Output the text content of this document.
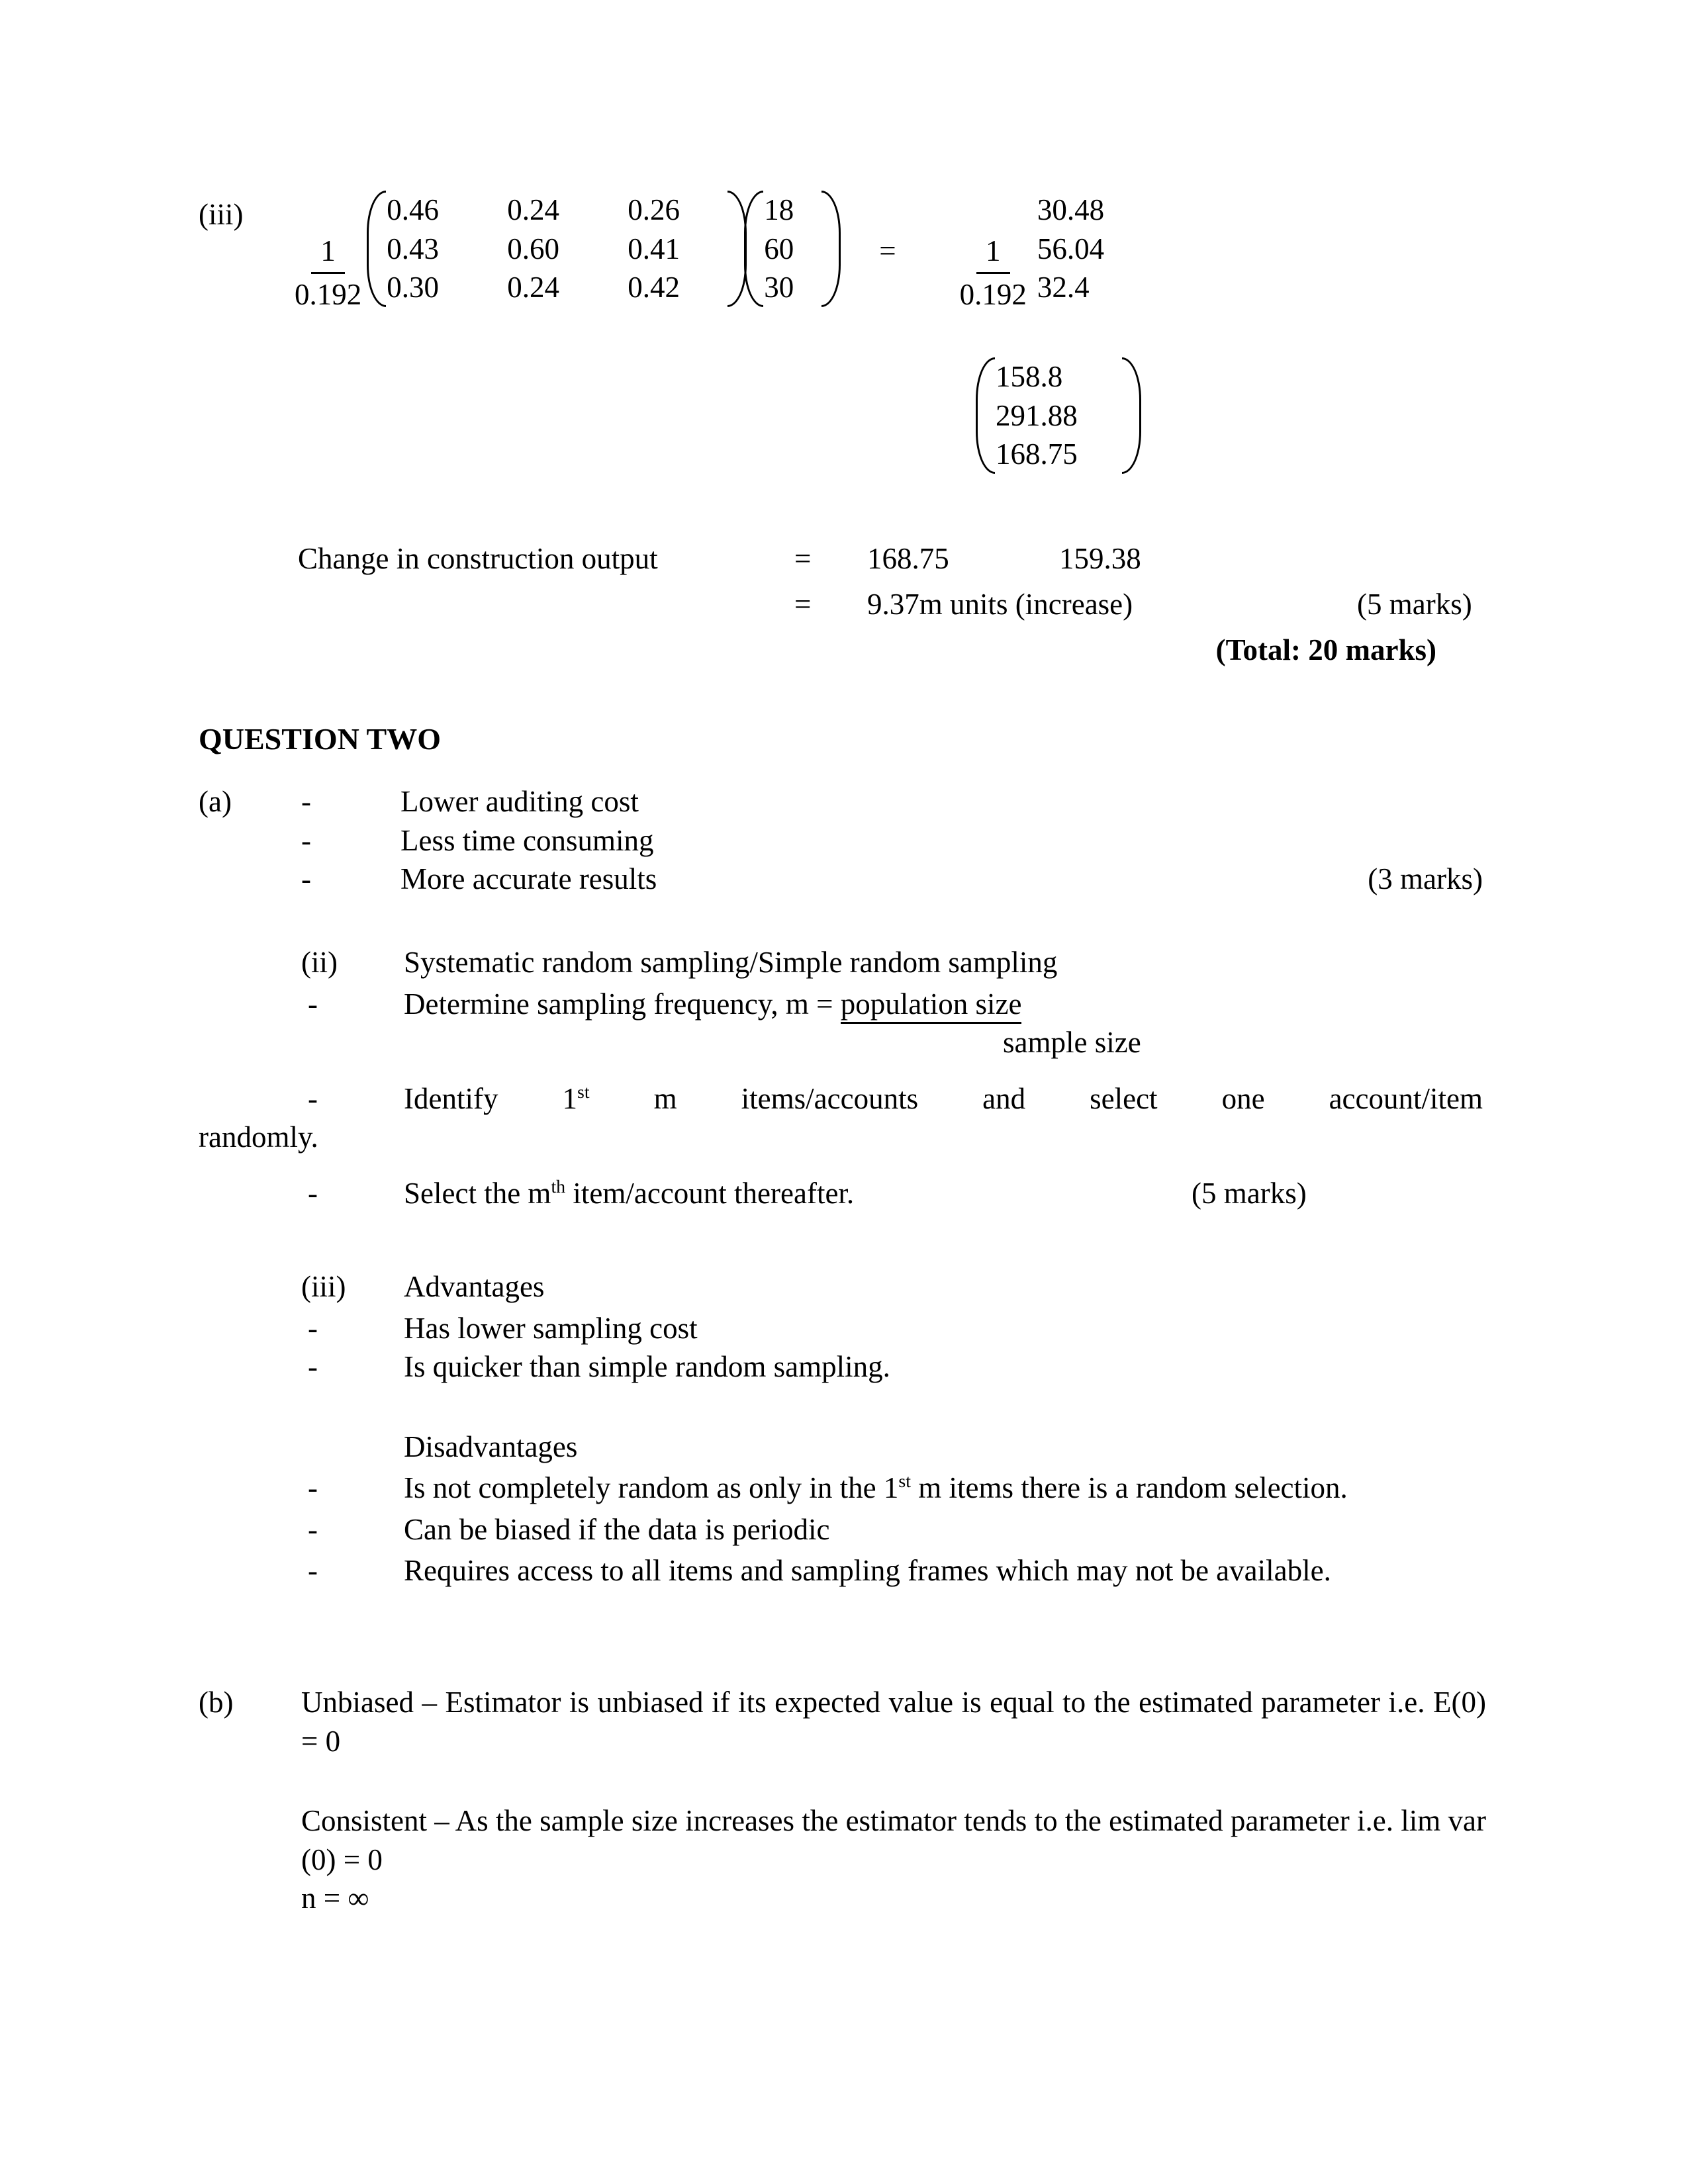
(iii)
$\frac{1}{0.192}$
0.46	0.24	0.26
0.43	0.60	0.41
0.30	0.24	0.42
18
60
30
= $\frac{1}{0.192}$
30.48
56.04
32.4
158.8
291.88
168.75
Change in construction output	=	168.75	159.38
=	9.37m units (increase)	(5 marks)
(Total: 20 marks)
QUESTION TWO
(a)	-	Lower auditing cost
-	Less time consuming
-	More accurate results	(3 marks)
(ii)	Systematic random sampling/Simple random sampling
-	Determine sampling frequency, m = population size
sample size
-	Identify 1st m items/accounts and select one account/item
randomly.
-	Select the $m^{th}$ item/account thereafter.	(5 marks)
(iii)	Advantages
-	Has lower sampling cost
-	Is quicker than simple random sampling.
Disadvantages
-	Is not completely random as only in the 1st m items there is a random selection.
-	Can be biased if the data is periodic
-	Requires access to all items and sampling frames which may not be available.
(b)	Unbiased – Estimator is unbiased if its expected value is equal to the estimated parameter i.e. E(0) = 0
Consistent – As the sample size increases the estimator tends to the estimated parameter i.e. lim var (0) = 0
n = ∞
